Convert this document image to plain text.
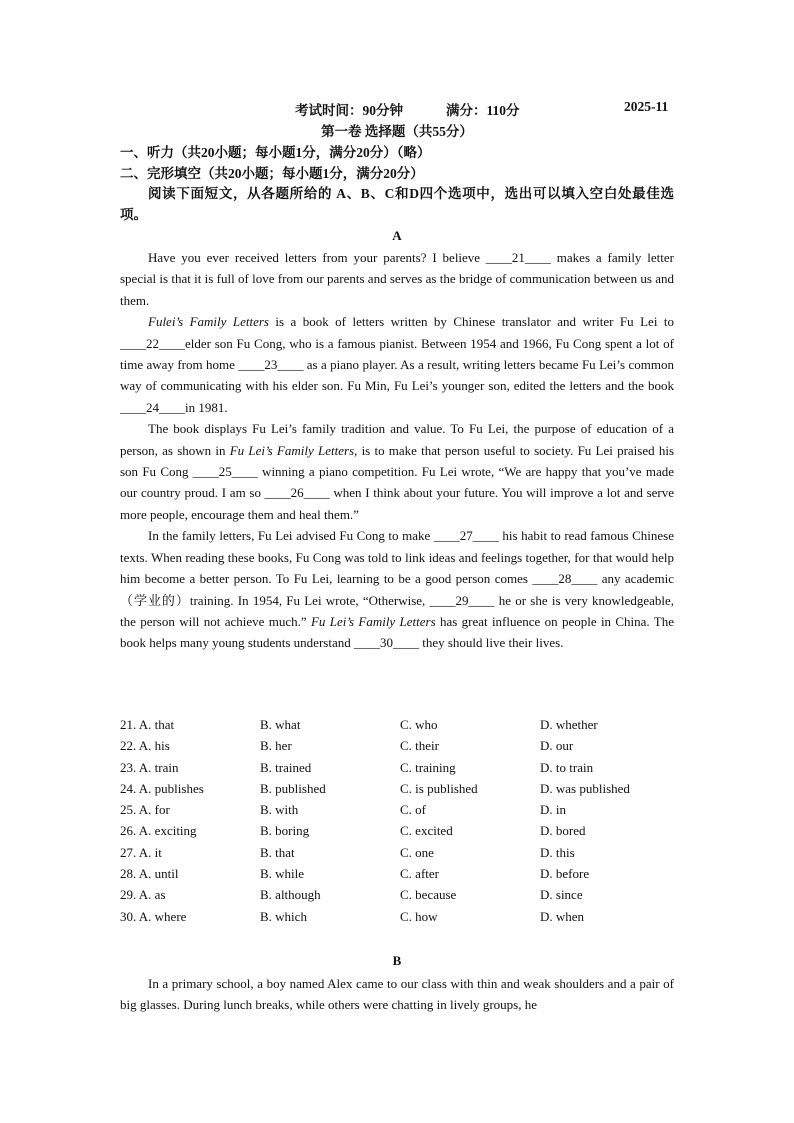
考试时间：90分钟	满分：110分	2025-11
第一卷 选择题（共55分）
一、听力（共20小题；每小题1分，满分20分）（略）
二、完形填空（共20小题；每小题1分，满分20分）

阅读下面短文，从各题所给的 A、B、C和D四个选项中，选出可以填入空白处最佳选项。

A

Have you ever received letters from your parents? I believe ____21____ makes a family letter special is that it is full of love from our parents and serves as the bridge of communication between us and them.

Fulei’s Family Letters is a book of letters written by Chinese translator and writer Fu Lei to ____22____elder son Fu Cong, who is a famous pianist. Between 1954 and 1966, Fu Cong spent a lot of time away from home ____23____ as a piano player. As a result, writing letters became Fu Lei’s common way of communicating with his elder son. Fu Min, Fu Lei’s younger son, edited the letters and the book ____24____in 1981.

The book displays Fu Lei’s family tradition and value. To Fu Lei, the purpose of education of a person, as shown in Fu Lei’s Family Letters, is to make that person useful to society. Fu Lei praised his son Fu Cong ____25____ winning a piano competition. Fu Lei wrote, “We are happy that you’ve made our country proud. I am so ____26____ when I think about your future. You will improve a lot and serve more people, encourage them and heal them.”

In the family letters, Fu Lei advised Fu Cong to make ____27____ his habit to read famous Chinese texts. When reading these books, Fu Cong was told to link ideas and feelings together, for that would help him become a better person. To Fu Lei, learning to be a good person comes ____28____ any academic（学业的）training. In 1954, Fu Lei wrote, “Otherwise, ____29____ he or she is very knowledgeable, the person will not achieve much.” Fu Lei’s Family Letters has great influence on people in China. The book helps many young students understand ____30____ they should live their lives.

21. A. that	B. what	C. who	D. whether
22. A. his	B. her	C. their	D. our
23. A. train	B. trained	C. training	D. to train
24. A. publishes	B. published	C. is published	D. was published
25. A. for	B. with	C. of	D. in
26. A. exciting	B. boring	C. excited	D. bored
27. A. it	B. that	C. one	D. this
28. A. until	B. while	C. after	D. before
29. A. as	B. although	C. because	D. since
30. A. where	B. which	C. how	D. when
B

In a primary school, a boy named Alex came to our class with thin and weak shoulders and a pair of big glasses. During lunch breaks, while others were chatting in lively groups, he
